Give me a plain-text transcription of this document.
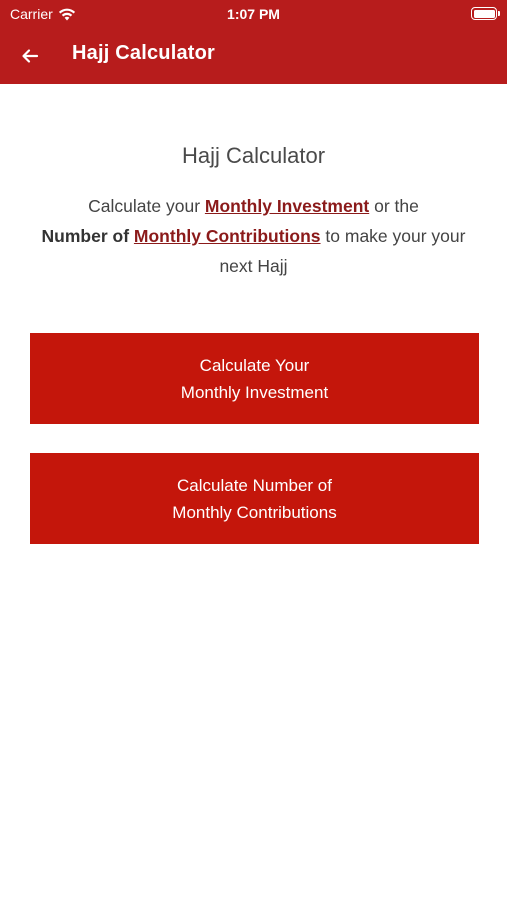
Carrier	1:07 PM
Hajj Calculator
Hajj Calculator
Calculate your Monthly Investment or the
Number of Monthly Contributions to make your your next Hajj
Calculate Your
Monthly Investment
Calculate Number of
Monthly Contributions
